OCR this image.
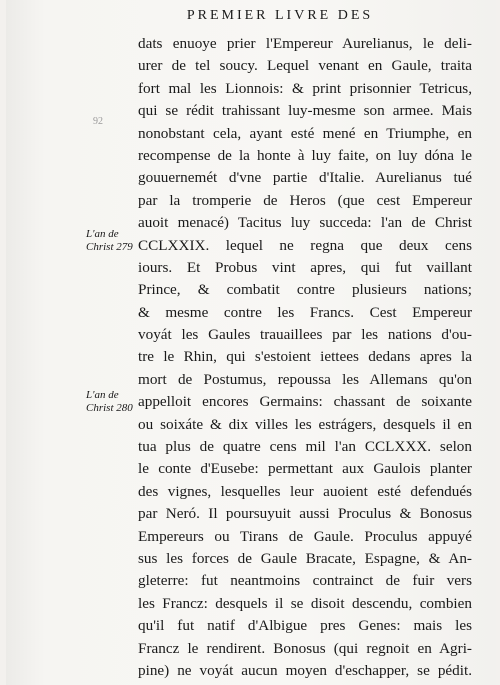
PREMIER LIVRE DES
92
L'an de
Christ 279
L'an de
Christ 280
dats enuoye prier l'Empereur Aurelianus, le deli-
urer de tel soucy. Lequel venant en Gaule, traita
fort mal les Lionnois: & print prisonnier Tetricus,
qui se rédit trahissant luy-mesme son armee. Mais
nonobstant cela, ayant esté mené en Triumphe, en
recompense de la honte à luy faite, on luy dóna le
gouuernemét d'vne partie d'Italie. Aurelianus tué
par la tromperie de Heros (que cest Empereur
auoit menacé) Tacitus luy succeda: l'an de Christ
CCLXXIX. lequel ne regna que deux cens
iours. Et Probus vint apres, qui fut vaillant
Prince, & combatit contre plusieurs nations;
& mesme contre les Francs. Cest Empereur
voyát les Gaules trauaillees par les nations d'ou-
tre le Rhin, qui s'estoient iettees dedans apres la
mort de Postumus, repoussa les Allemans qu'on
appelloit encores Germains: chassant de soixante
ou soixáte & dix villes les estrágers, desquels il en
tua plus de quatre cens mil l'an CCLXXX. selon
le conte d'Eusebe: permettant aux Gaulois planter
des vignes, lesquelles leur auoient esté defendués
par Neró. Il poursuyuit aussi Proculus & Bonosus
Empereurs ou Tirans de Gaule. Proculus appuyé
sus les forces de Gaule Bracate, Espagne, & An-
gleterre: fut neantmoins contrainct de fuir vers
les Francz: desquels il se disoit descendu, combien
qu'il fut natif d'Albigue pres Genes: mais les
Francz le rendirent. Bonosus (qui regnoit en Agri-
pine) ne voyát aucun moyen d'eschapper, se pédit.
